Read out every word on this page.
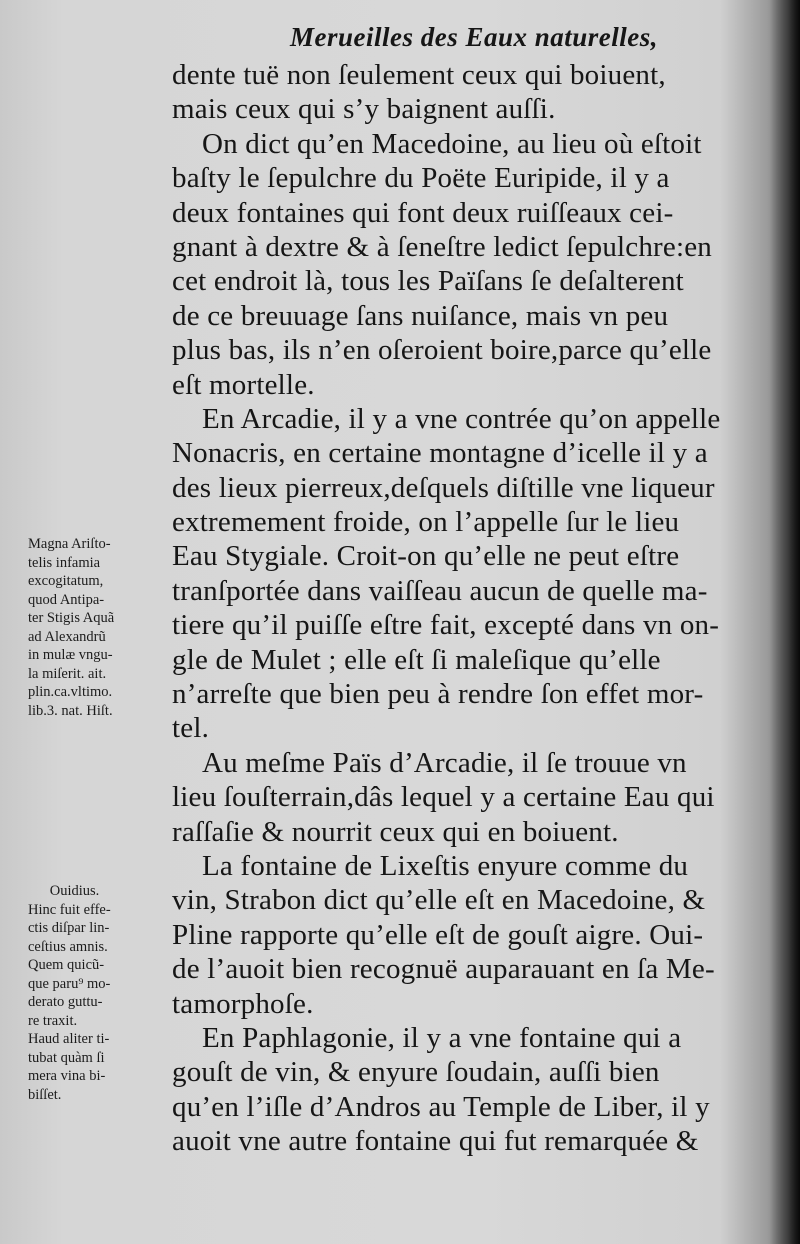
Merueilles des Eaux naturelles,
dente tuë non ſeulement ceux qui boiuent,
mais ceux qui s’y baignent auſſi.
On dict qu’en Macedoine, au lieu où eſtoit
baſty le ſepulchre du Poëte Euripide, il y a
deux fontaines qui font deux ruiſſeaux cei-
gnant à dextre & à ſeneſtre ledict ſepulchre:en
cet endroit là, tous les Païſans ſe deſalterent
de ce breuuage ſans nuiſance, mais vn peu
plus bas, ils n’en oſeroient boire,parce qu’elle
eſt mortelle.
En Arcadie, il y a vne contrée qu’on appelle
Nonacris, en certaine montagne d’icelle il y a
des lieux pierreux,deſquels diſtille vne liqueur
extremement froide, on l’appelle ſur le lieu
Eau Stygiale. Croit-on qu’elle ne peut eſtre
tranſportée dans vaiſſeau aucun de quelle ma-
tiere qu’il puiſſe eſtre fait, excepté dans vn on-
gle de Mulet ; elle eſt ſi maleſique qu’elle
n’arreſte que bien peu à rendre ſon effet mor-
tel.
Au meſme Païs d’Arcadie, il ſe trouue vn
lieu ſouſterrain,dâs lequel y a certaine Eau qui
raſſaſie & nourrit ceux qui en boiuent.
La fontaine de Lixeſtis enyure comme du
vin, Strabon dict qu’elle eſt en Macedoine, &
Pline rapporte qu’elle eſt de gouſt aigre. Oui-
de l’auoit bien recognuë auparauant en ſa Me-
tamorphoſe.
En Paphlagonie, il y a vne fontaine qui a
gouſt de vin, & enyure ſoudain, auſſi bien
qu’en l’iſle d’Andros au Temple de Liber, il y
auoit vne autre fontaine qui fut remarquée &
Magna Ariſto-
telis infamia
excogitatum,
quod Antipa-
ter Stigis Aquã
ad Alexandrũ
in mulæ vngu-
la miſerit. ait.
plin.ca.vltimo.
lib.3. nat. Hiſt.
Ouidius.
Hinc fuit effe-
ctis diſpar lin-
ceſtius amnis.
Quem quicũ-
que paru⁹ mo-
derato guttu-
re traxit.
Haud aliter ti-
tubat quàm ſi
mera vina bi-
biſſet.
